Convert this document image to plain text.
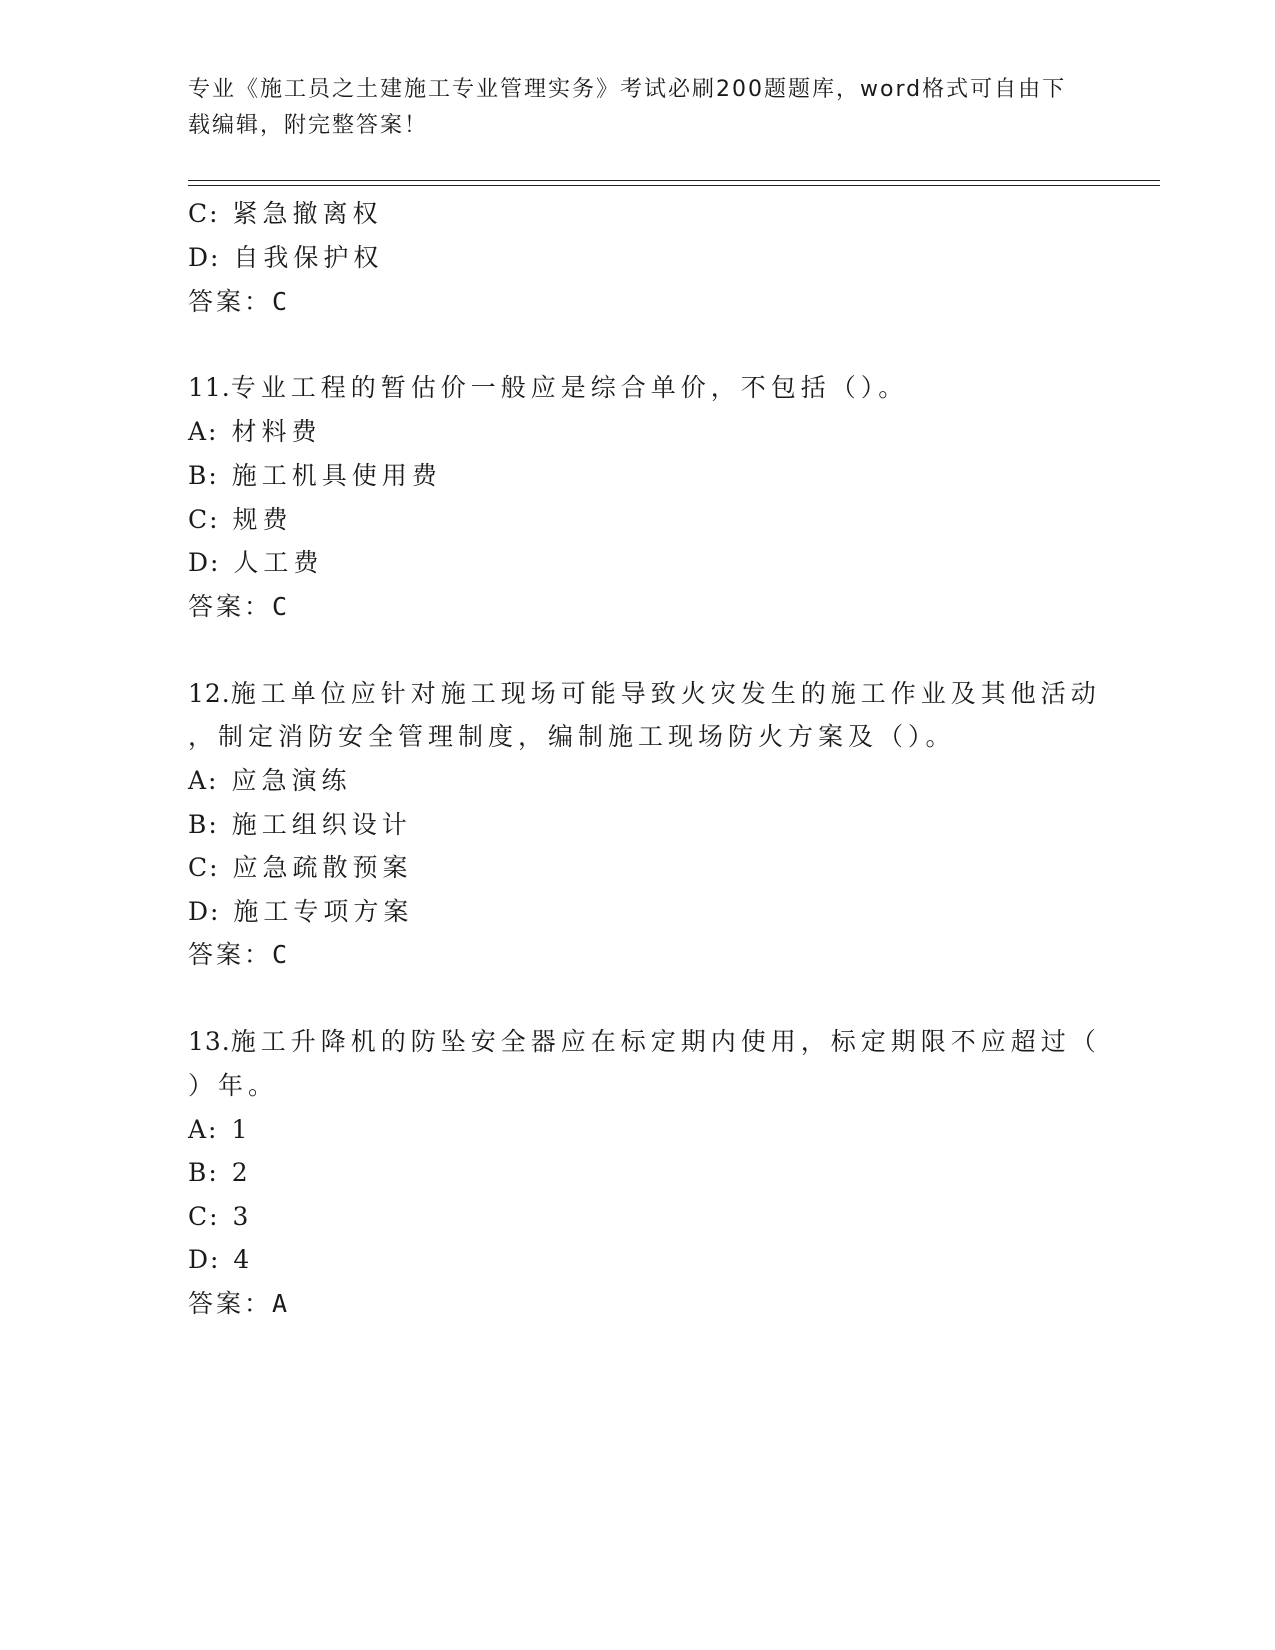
专业《施工员之土建施工专业管理实务》考试必刷200题题库，word格式可自由下载编辑，附完整答案！
C: 紧急撤离权
D: 自我保护权
答案：C
11.专业工程的暂估价一般应是综合单价，不包括（）。
A: 材料费
B: 施工机具使用费
C: 规费
D: 人工费
答案：C
12.施工单位应针对施工现场可能导致火灾发生的施工作业及其他活动
，制定消防安全管理制度，编制施工现场防火方案及（）。
A: 应急演练
B: 施工组织设计
C: 应急疏散预案
D: 施工专项方案
答案：C
13.施工升降机的防坠安全器应在标定期内使用，标定期限不应超过（
）年。
A: 1
B: 2
C: 3
D: 4
答案：A
